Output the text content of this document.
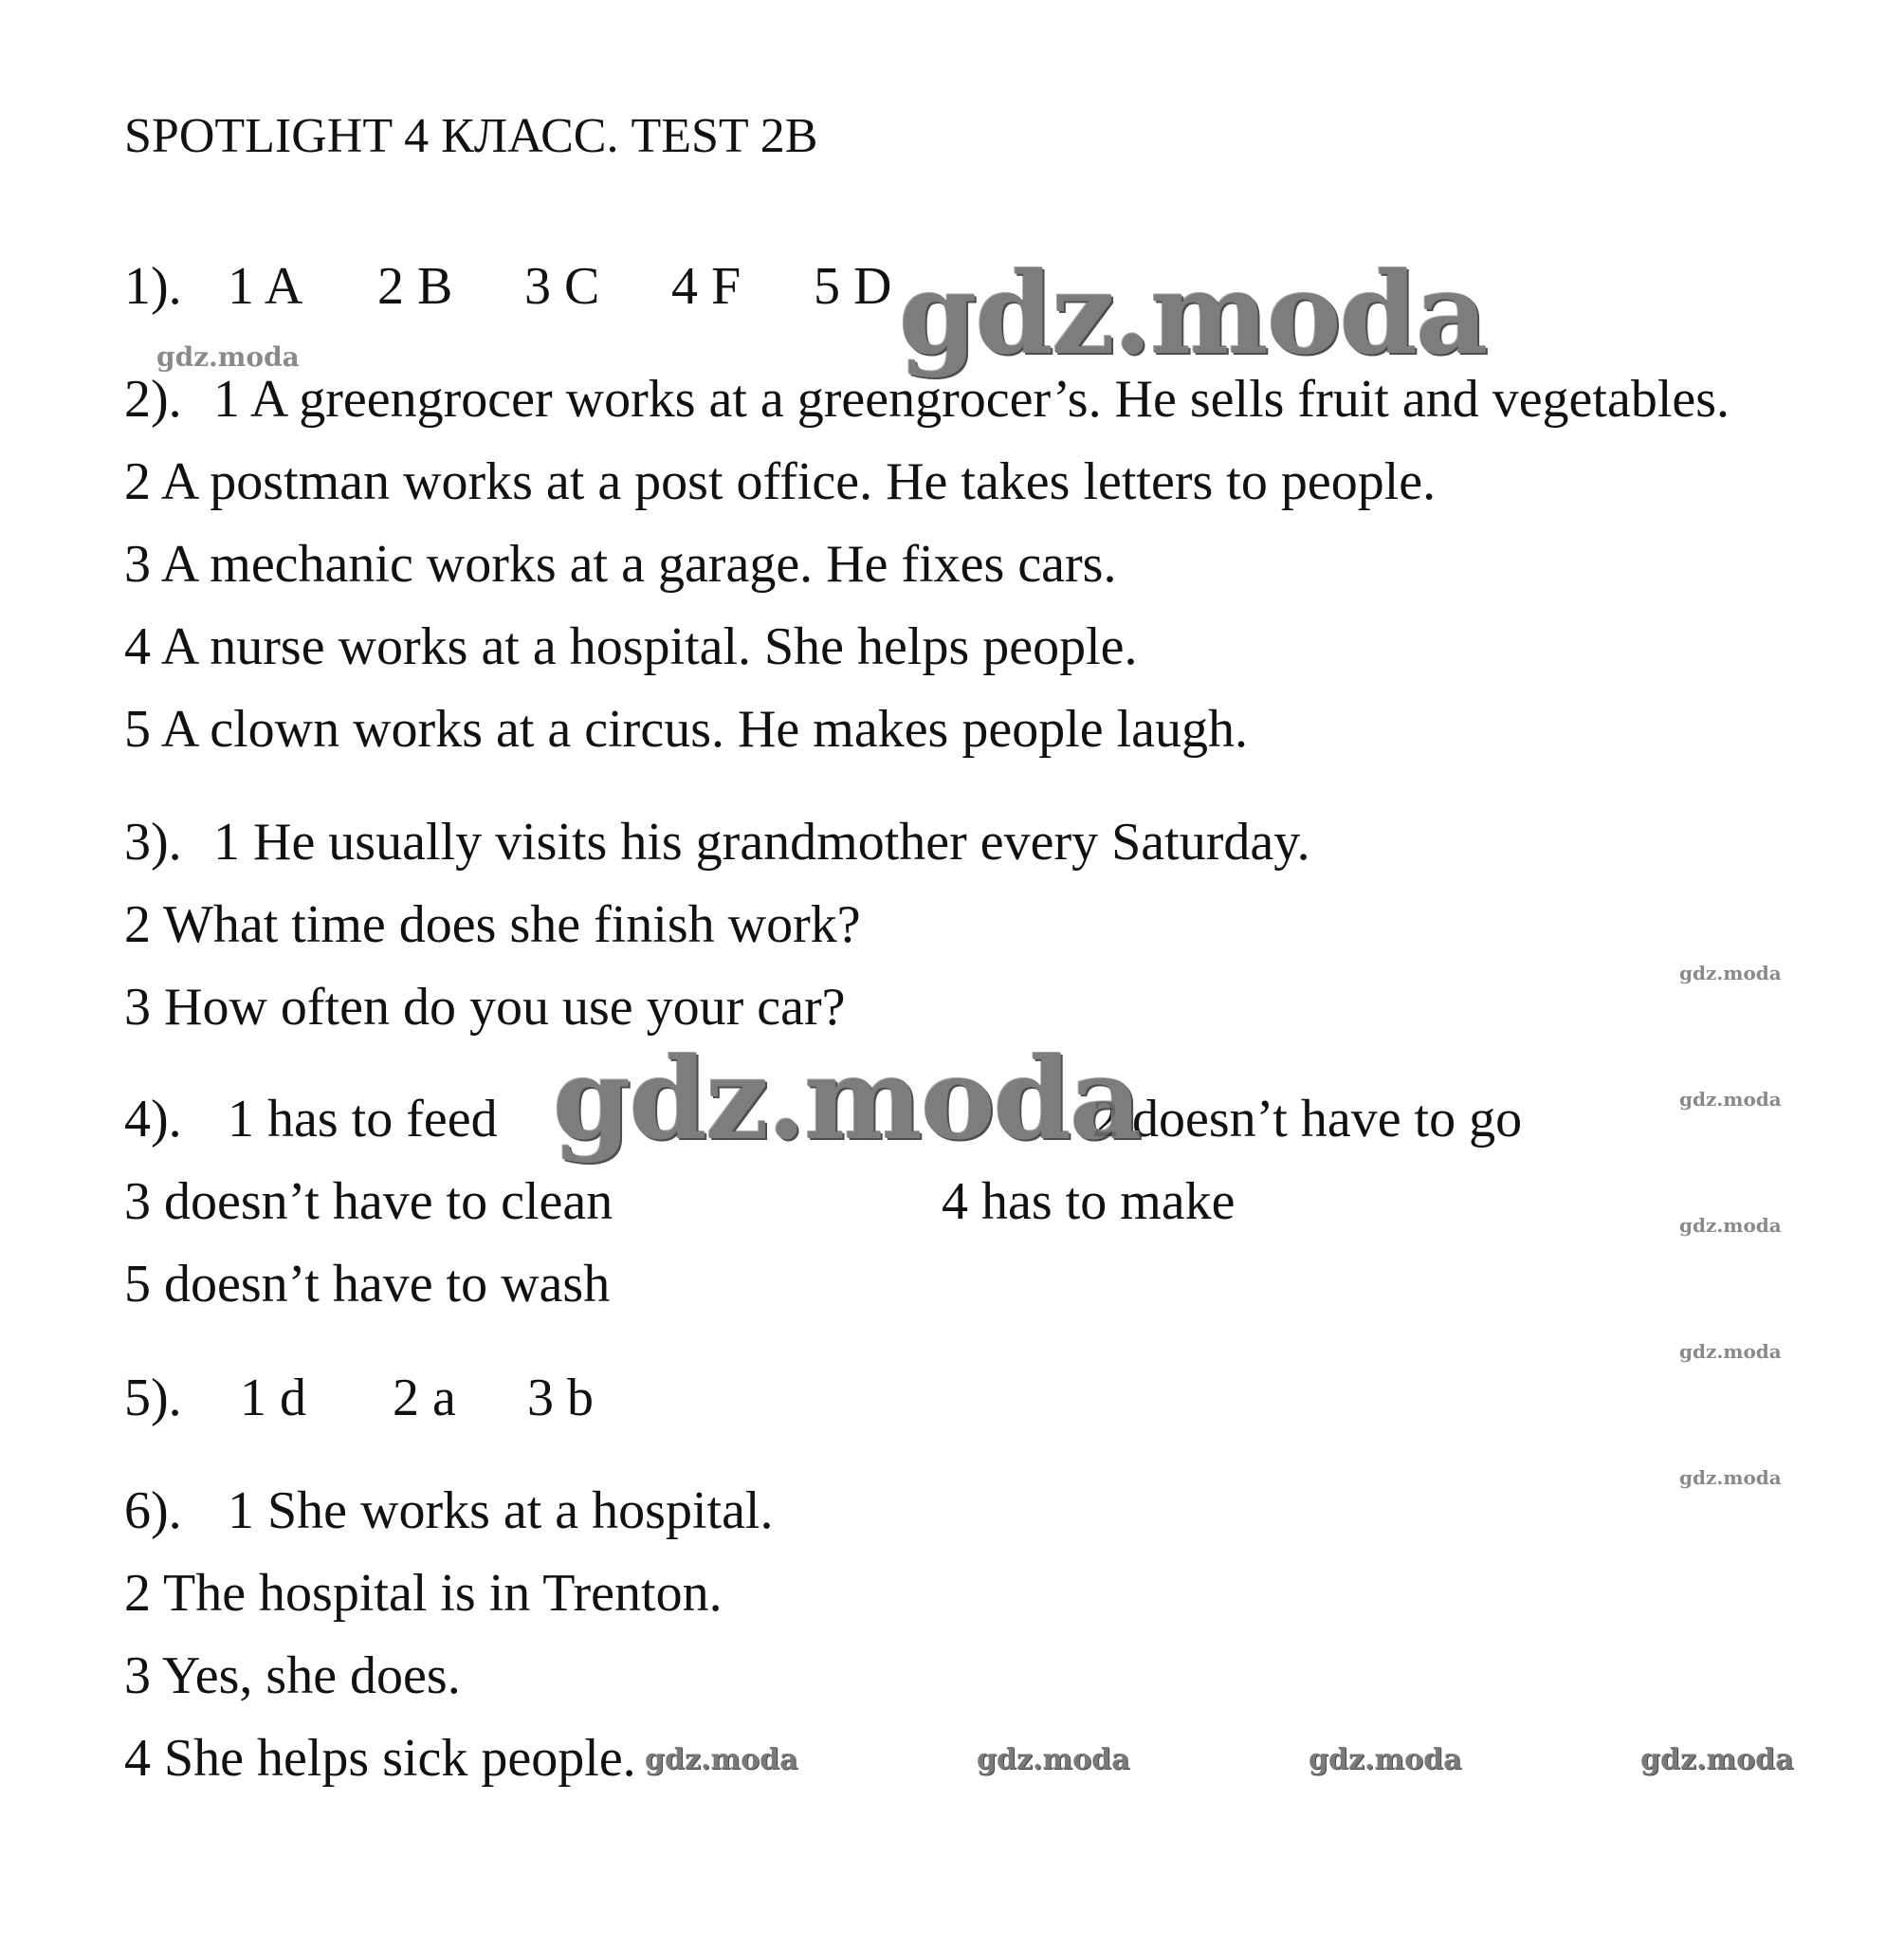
SPOTLIGHT 4 КЛАСС. TEST 2B
1). 1 A 2 B 3 C 4 F 5 D
2). 1 A greengrocer works at a greengrocer’s. He sells fruit and vegetables.
2 A postman works at a post office. He takes letters to people.
3 A mechanic works at a garage. He fixes cars.
4 A nurse works at a hospital. She helps people.
5 A clown works at a circus. He makes people laugh.
3). 1 He usually visits his grandmother every Saturday.
2 What time does she finish work?
3 How often do you use your car?
4). 1 has to feed	2 doesn’t have to go
3 doesn’t have to clean	4 has to make
5 doesn’t have to wash
5). 1 d 2 a 3 b
6). 1 She works at a hospital.
2 The hospital is in Trenton.
3 Yes, she does.
4 She helps sick people.
gdz.moda
gdz.moda
gdz.moda
gdz.moda
gdz.moda
gdz.moda
gdz.moda
gdz.moda
gdz.moda	gdz.moda	gdz.moda	gdz.moda
